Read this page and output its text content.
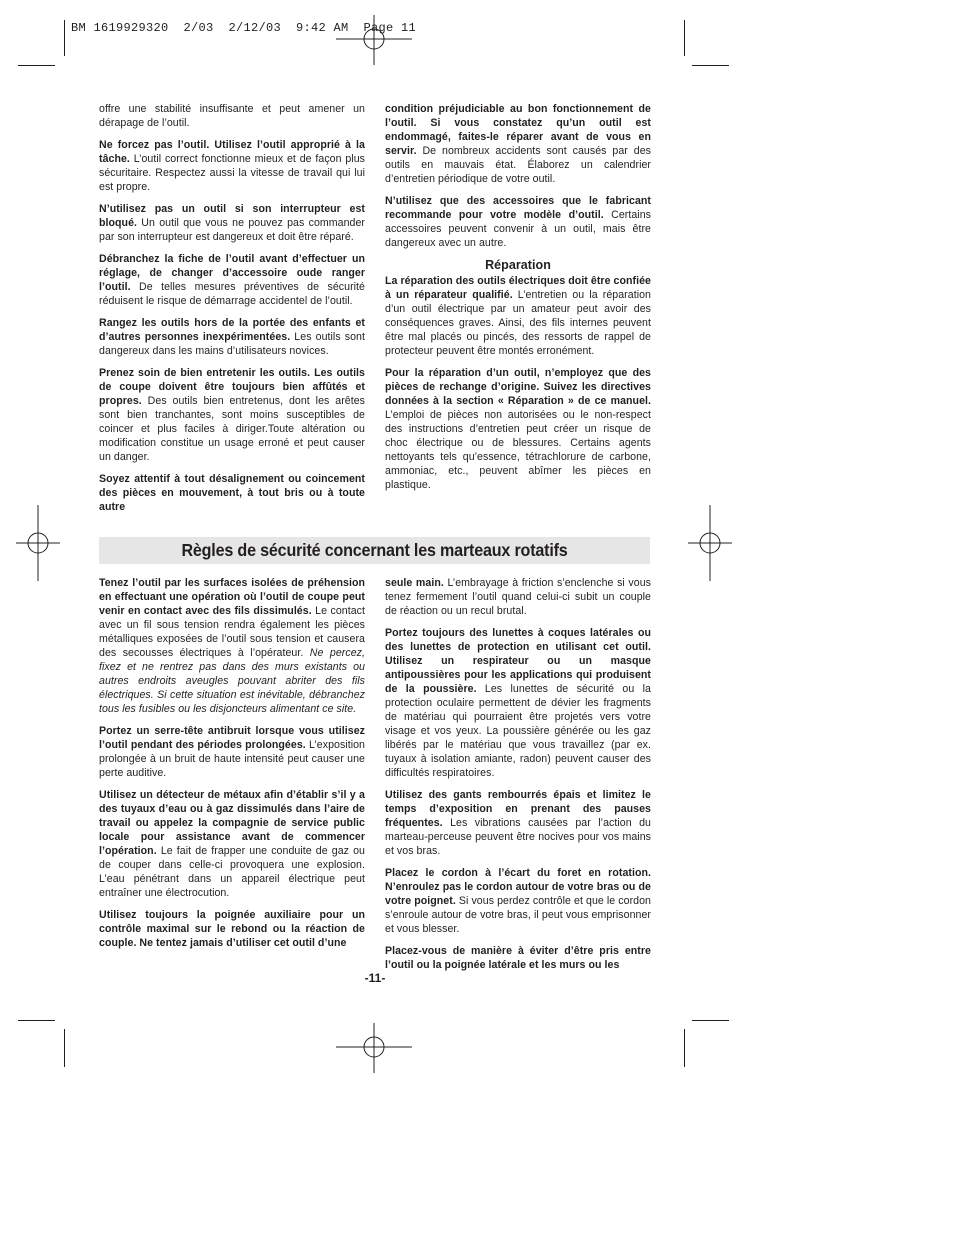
BM 1619929320  2/03  2/12/03  9:42 AM  Page 11

offre une stabilité insuffisante et peut amener un dérapage de l’outil.

Ne forcez pas l’outil. Utilisez l’outil approprié à la tâche. L’outil correct fonctionne mieux et de façon plus sécuritaire. Respectez aussi la vitesse de travail qui lui est propre.

N’utilisez pas un outil si son interrupteur est bloqué. Un outil que vous ne pouvez pas commander par son interrupteur est dangereux et doit être réparé.

Débranchez la fiche de l’outil avant d’effectuer un réglage, de changer d’accessoire oude ranger l’outil. De telles mesures préventives de sécurité réduisent le risque de démarrage accidentel de l’outil.

Rangez les outils hors de la portée des enfants et d’autres personnes inexpérimentées. Les outils sont dangereux dans les mains d’utilisateurs novices.

Prenez soin de bien entretenir les outils. Les outils de coupe doivent être toujours bien affûtés et propres. Des outils bien entretenus, dont les arêtes sont bien tranchantes, sont moins susceptibles de coincer et plus faciles à diriger.Toute altération ou modification constitue un usage erroné et peut causer un danger.

Soyez attentif à tout désalignement ou coincement des pièces en mouvement, à tout bris ou à toute autre

condition préjudiciable au bon fonctionnement de l’outil. Si vous constatez qu’un outil est endommagé, faites-le réparer avant de vous en servir. De nombreux accidents sont causés par des outils en mauvais état. Élaborez un calendrier d’entretien périodique de votre outil.

N’utilisez que des accessoires que le fabricant recommande pour votre modèle d’outil. Certains accessoires peuvent convenir à un outil, mais être dangereux avec un autre.

Réparation

La réparation des outils électriques doit être confiée à un réparateur qualifié. L’entretien ou la réparation d’un outil électrique par un amateur peut avoir des conséquences graves. Ainsi, des fils internes peuvent être mal placés ou pincés, des ressorts de rappel de protecteur peuvent être montés erronément.

Pour la réparation d’un outil, n’employez que des pièces de rechange d’origine. Suivez les directives données à la section « Réparation » de ce manuel. L’emploi de pièces non autorisées ou le non-respect des instructions d’entretien peut créer un risque de choc électrique ou de blessures. Certains agents nettoyants tels qu’essence, tétrachlorure de carbone, ammoniac, etc., peuvent abîmer les pièces en plastique.

Règles de sécurité concernant les marteaux rotatifs

Tenez l’outil par les surfaces isolées de préhension en effectuant une opération où l’outil de coupe peut venir en contact avec des fils dissimulés. Le contact avec un fil sous tension rendra également les pièces métalliques exposées de l’outil sous tension et causera des secousses électriques à l’opérateur. Ne percez, fixez et ne rentrez pas dans des murs existants ou autres endroits aveugles pouvant abriter des fils électriques. Si cette situation est inévitable, débranchez tous les fusibles ou les disjoncteurs alimentant ce site.

Portez un serre-tête antibruit lorsque vous utilisez l’outil pendant des périodes prolongées. L’exposition prolongée à un bruit de haute intensité peut causer une perte auditive.

Utilisez un détecteur de métaux afin d’établir s’il y a des tuyaux d’eau ou à gaz dissimulés dans l’aire de travail ou appelez la compagnie de service public locale pour assistance avant de commencer l’opération. Le fait de frapper une conduite de gaz ou de couper dans celle-ci provoquera une explosion. L’eau pénétrant dans un appareil électrique peut entraîner une électrocution.

Utilisez toujours la poignée auxiliaire pour un contrôle maximal sur le rebond ou la réaction de couple. Ne tentez jamais d’utiliser cet outil d’une

seule main. L’embrayage à friction s’enclenche si vous tenez fermement l’outil quand celui-ci subit un couple de réaction ou un recul brutal.

Portez toujours des lunettes à coques latérales ou des lunettes de protection en utilisant cet outil. Utilisez un respirateur ou un masque antipoussières pour les applications qui produisent de la poussière. Les lunettes de sécurité ou la protection oculaire permettent de dévier les fragments de matériau qui pourraient être projetés vers votre visage et vos yeux. La poussière générée ou les gaz libérés par le matériau que vous travaillez (par ex. tuyaux à isolation amiante, radon) peuvent causer des difficultés respiratoires.

Utilisez des gants rembourrés épais et limitez le temps d’exposition en prenant des pauses fréquentes. Les vibrations causées par l’action du marteau-perceuse peuvent être nocives pour vos mains et vos bras.

Placez le cordon à l’écart du foret en rotation. N’enroulez pas le cordon autour de votre bras ou de votre poignet. Si vous perdez contrôle et que le cordon s’enroule autour de votre bras, il peut vous emprisonner et vous blesser.

Placez-vous de manière à éviter d’être pris entre l’outil ou la poignée latérale et les murs ou les

-11-
